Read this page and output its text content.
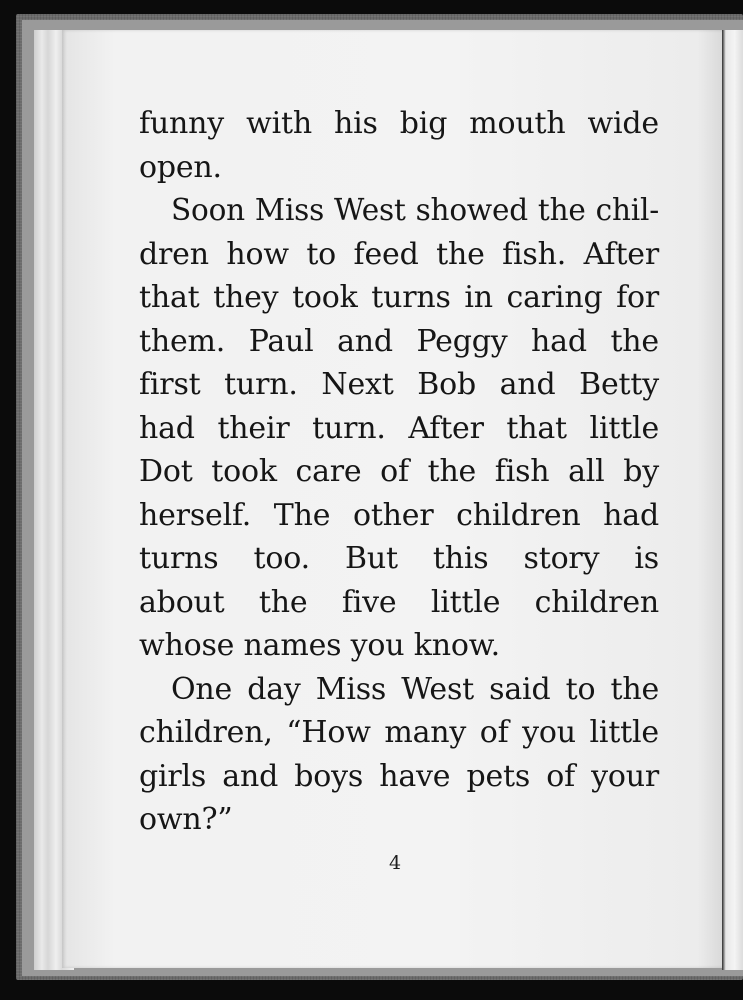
funny with his big mouth wide
open.
Soon Miss West showed the chil-
dren how to feed the fish. After
that they took turns in caring for
them. Paul and Peggy had the
first turn. Next Bob and Betty
had their turn. After that little
Dot took care of the fish all by
herself. The other children had
turns too. But this story is
about the five little children
whose names you know.
One day Miss West said to the
children, “How many of you little
girls and boys have pets of your
own?”
4
